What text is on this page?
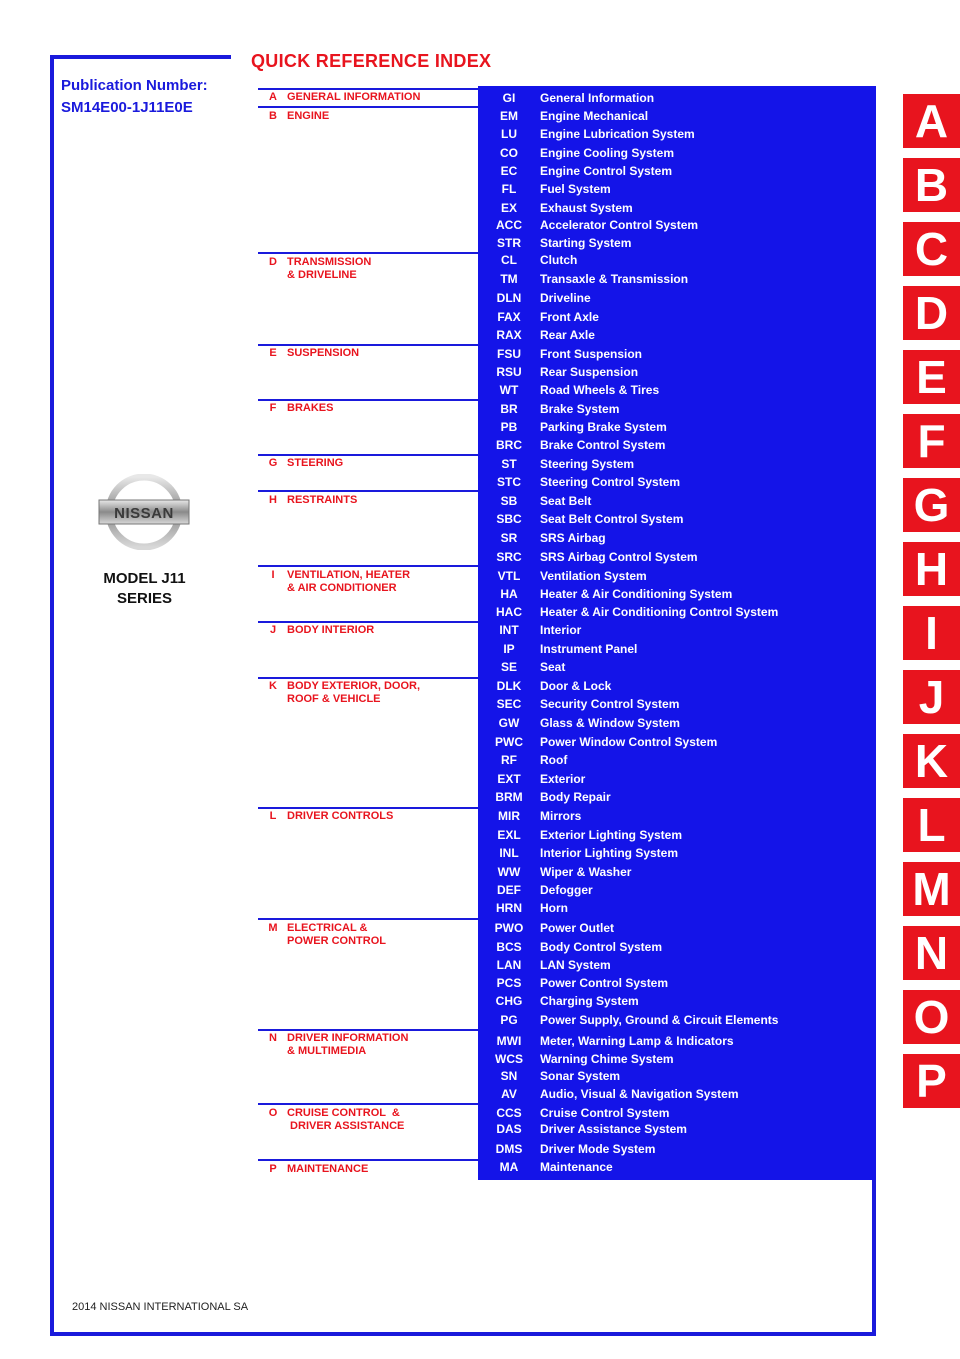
Publication Number:
SM14E00-1J11E0E
QUICK REFERENCE INDEX
NISSAN
MODEL J11
SERIES
2014 NISSAN INTERNATIONAL SA
A GENERAL INFORMATION
B ENGINE
D TRANSMISSION
& DRIVELINE
E SUSPENSION
F BRAKES
G STEERING
H RESTRAINTS
I	VENTILATION, HEATER
& AIR CONDITIONER
J BODY INTERIOR
K BODY EXTERIOR, DOOR,
ROOF & VEHICLE
L DRIVER CONTROLS
M ELECTRICAL &
POWER CONTROL
N DRIVER INFORMATION
& MULTIMEDIA
O CRUISE CONTROL  &
DRIVER ASSISTANCE
P MAINTENANCE
GI	General Information
EM	Engine Mechanical
LU	Engine Lubrication System
CO	Engine Cooling System
EC	Engine Control System
FL	Fuel System
EX	Exhaust System
ACC	Accelerator Control System
STR	Starting System
CL	Clutch
TM	Transaxle & Transmission
DLN	Driveline
FAX	Front Axle
RAX	Rear Axle
FSU	Front Suspension
RSU	Rear Suspension
WT	Road Wheels & Tires
BR	Brake System
PB	Parking Brake System
BRC	Brake Control System
ST	Steering System
STC	Steering Control System
SB	Seat Belt
SBC	Seat Belt Control System
SR	SRS Airbag
SRC	SRS Airbag Control System
VTL	Ventilation System
HA	Heater & Air Conditioning System
HAC	Heater & Air Conditioning Control System
INT	Interior
IP	Instrument Panel
SE	Seat
DLK	Door & Lock
SEC	Security Control System
GW	Glass & Window System
PWC	Power Window Control System
RF	Roof
EXT	Exterior
BRM	Body Repair
MIR	Mirrors
EXL	Exterior Lighting System
INL	Interior Lighting System
WW	Wiper & Washer
DEF	Defogger
HRN	Horn
PWO	Power Outlet
BCS	Body Control System
LAN	LAN System
PCS	Power Control System
CHG	Charging System
PG	Power Supply, Ground & Circuit Elements
MWI	Meter, Warning Lamp & Indicators
WCS	Warning Chime System
SN	Sonar System
AV	Audio, Visual & Navigation System
CCS	Cruise Control System
DAS	Driver Assistance System
DMS	Driver Mode System
MA	Maintenance
A
B
C
D
E
F
G
H
I
J
K
L
M
N
O
P
